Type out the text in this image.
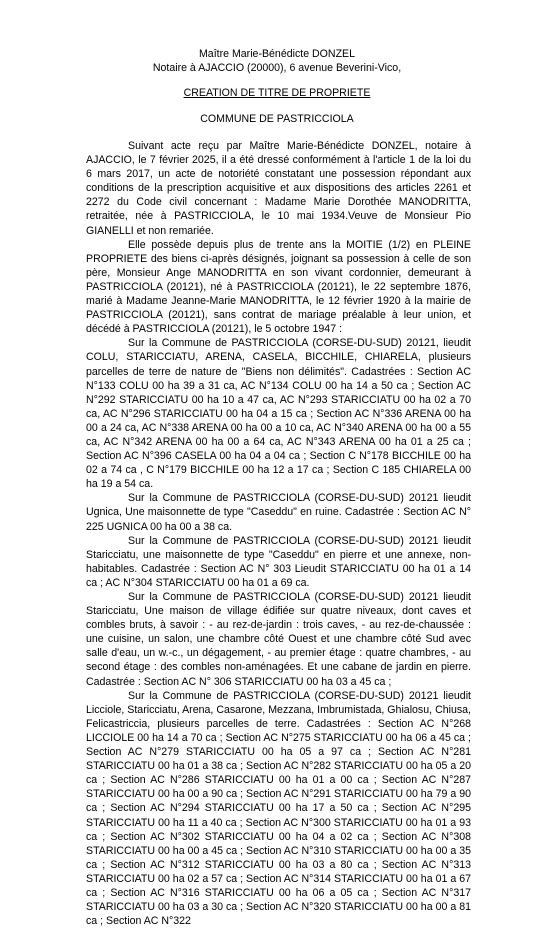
Maître Marie-Bénédicte DONZEL
Notaire à AJACCIO (20000), 6 avenue Beverini-Vico,
CREATION DE TITRE DE PROPRIETE
COMMUNE DE PASTRICCIOLA

Suivant acte reçu par Maître Marie-Bénédicte DONZEL, notaire à AJACCIO, le 7 février 2025, il a été dressé conformément à l'article 1 de la loi du 6 mars 2017, un acte de notoriété constatant une possession répondant aux conditions de la prescription acquisitive et aux dispositions des articles 2261 et 2272 du Code civil concernant : Madame Marie Dorothée MANODRITTA, retraitée, née à PASTRICCIOLA, le 10 mai 1934.Veuve de Monsieur Pio GIANELLI et non remariée.

Elle possède depuis plus de trente ans la MOITIE (1/2) en PLEINE PROPRIETE des biens ci-après désignés, joignant sa possession à celle de son père, Monsieur Ange MANODRITTA en son vivant cordonnier, demeurant à PASTRICCIOLA (20121), né à PASTRICCIOLA (20121), le 22 septembre 1876, marié à Madame Jeanne-Marie MANODRITTA, le 12 février 1920 à la mairie de PASTRICCIOLA (20121), sans contrat de mariage préalable à leur union, et décédé à PASTRICCIOLA (20121), le 5 octobre 1947 :

Sur la Commune de PASTRICCIOLA (CORSE-DU-SUD) 20121, lieudit COLU, STARICCIATU, ARENA, CASELA, BICCHILE, CHIARELA, plusieurs parcelles de terre de nature de "Biens non délimités". Cadastrées : Section AC N°133 COLU 00 ha 39 a 31 ca, AC N°134 COLU 00 ha 14 a 50 ca ; Section AC N°292 STARICCIATU 00 ha 10 a 47 ca, AC N°293 STARICCIATU 00 ha 02 a 70 ca, AC N°296 STARICCIATU 00 ha 04 a 15 ca ; Section AC N°336 ARENA 00 ha 00 a 24 ca, AC N°338 ARENA 00 ha 00 a 10 ca, AC N°340 ARENA 00 ha 00 a 55 ca, AC N°342 ARENA 00 ha 00 a 64 ca, AC N°343 ARENA 00 ha 01 a 25 ca ; Section AC N°396 CASELA 00 ha 04 a 04 ca ; Section C N°178 BICCHILE 00 ha 02 a 74 ca , C N°179 BICCHILE 00 ha 12 a 17 ca ; Section C 185 CHIARELA 00 ha 19 a 54 ca.

Sur la Commune de PASTRICCIOLA (CORSE-DU-SUD) 20121 lieudit Ugnica, Une maisonnette de type "Caseddu" en ruine. Cadastrée : Section AC N° 225 UGNICA 00 ha 00 a 38 ca.

Sur la Commune de PASTRICCIOLA (CORSE-DU-SUD) 20121 lieudit Staricciatu, une maisonnette de type "Caseddu" en pierre et une annexe, non-habitables. Cadastrée : Section AC N° 303 Lieudit STARICCIATU 00 ha 01 a 14 ca ; AC N°304 STARICCIATU 00 ha 01 a 69 ca.

Sur la Commune de PASTRICCIOLA (CORSE-DU-SUD) 20121 lieudit Staricciatu, Une maison de village édifiée sur quatre niveaux, dont caves et combles bruts, à savoir : - au rez-de-jardin : trois caves, - au rez-de-chaussée : une cuisine, un salon, une chambre côté Ouest et une chambre côté Sud avec salle d'eau, un w.-c., un dégagement, - au premier étage : quatre chambres, - au second étage : des combles non-aménagées. Et une cabane de jardin en pierre. Cadastrée : Section AC N° 306 STARICCIATU 00 ha 03 a 45 ca ;

Sur la Commune de PASTRICCIOLA (CORSE-DU-SUD) 20121 lieudit Licciole, Staricciatu, Arena, Casarone, Mezzana, Imbrumistada, Ghialosu, Chiusa, Felicastriccia, plusieurs parcelles de terre. Cadastrées : Section AC N°268 LICCIOLE 00 ha 14 a 70 ca ; Section AC N°275 STARICCIATU 00 ha 06 a 45 ca ; Section AC N°279 STARICCIATU 00 ha 05 a 97 ca ; Section AC N°281 STARICCIATU 00 ha 01 a 38 ca ; Section AC N°282 STARICCIATU 00 ha 05 a 20 ca ; Section AC N°286 STARICCIATU 00 ha 01 a 00 ca ; Section AC N°287 STARICCIATU 00 ha 00 a 90 ca ; Section AC N°291 STARICCIATU 00 ha 79 a 90 ca ; Section AC N°294 STARICCIATU 00 ha 17 a 50 ca ; Section AC N°295 STARICCIATU 00 ha 11 a 40 ca ; Section AC N°300 STARICCIATU 00 ha 01 a 93 ca ; Section AC N°302 STARICCIATU 00 ha 04 a 02 ca ; Section AC N°308 STARICCIATU 00 ha 00 a 45 ca ; Section AC N°310 STARICCIATU 00 ha 00 a 35 ca ; Section AC N°312 STARICCIATU 00 ha 03 a 80 ca ; Section AC N°313 STARICCIATU 00 ha 02 a 57 ca ; Section AC N°314 STARICCIATU 00 ha 01 a 67 ca ; Section AC N°316 STARICCIATU 00 ha 06 a 05 ca ; Section AC N°317 STARICCIATU 00 ha 03 a 30 ca ; Section AC N°320 STARICCIATU 00 ha 00 a 81 ca ; Section AC N°322
